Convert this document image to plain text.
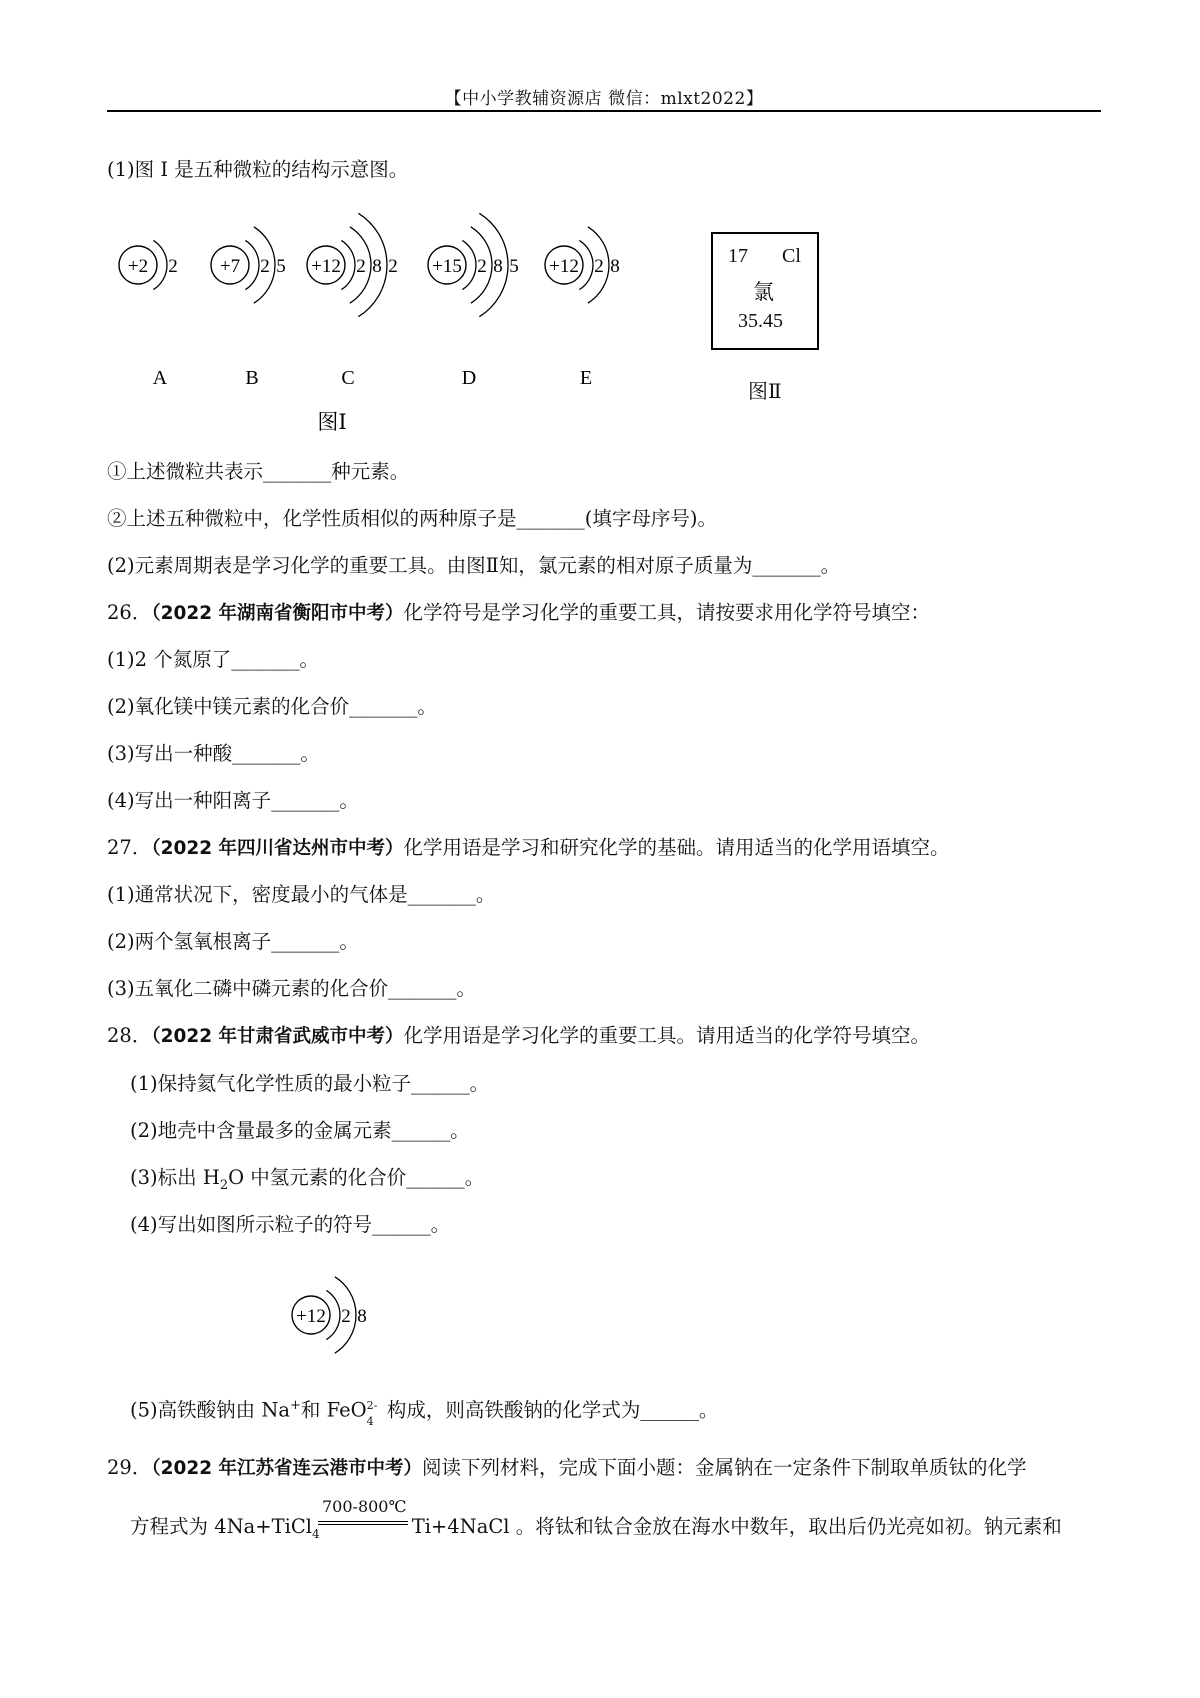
【中小学教辅资源店 微信：mlxt2022】
(1)图 I 是五种微粒的结构示意图。
+2 2
A
+7 2 5
B
+12 2 8 2
C
+15 2 8 5
D
+12 2 8
E
图Ⅰ
17 Cl
氯
35.45
图Ⅱ
①上述微粒共表示_______种元素。
②上述五种微粒中，化学性质相似的两种原子是_______(填字母序号)。
(2)元素周期表是学习化学的重要工具。由图Ⅱ知，氯元素的相对原子质量为_______。
26．（2022 年湖南省衡阳市中考）化学符号是学习化学的重要工具，请按要求用化学符号填空：
(1)2 个氮原了_______。
(2)氧化镁中镁元素的化合价_______。
(3)写出一种酸_______。
(4)写出一种阳离子_______。
27．（2022 年四川省达州市中考）化学用语是学习和研究化学的基础。请用适当的化学用语填空。
(1)通常状况下，密度最小的气体是_______。
(2)两个氢氧根离子_______。
(3)五氧化二磷中磷元素的化合价_______。
28．（2022 年甘肃省武威市中考）化学用语是学习化学的重要工具。请用适当的化学符号填空。
(1)保持氦气化学性质的最小粒子______。
(2)地壳中含量最多的金属元素______。
(3)标出 $H_2O$ 中氢元素的化合价______。
(4)写出如图所示粒子的符号______。
+12 2 8
(5)高铁酸钠由 Na+和 FeO 2-
4 构成，则高铁酸钠的化学式为______。
29．（2022 年江苏省连云港市中考）阅读下列材料，完成下面小题：金属钠在一定条件下制取单质钛的化学
方程式为 4Na+TiCl$_4$	Ti+4NaCl 。将钛和钛合金放在海水中数年，取出后仍光亮如初。钠元素和
700-800℃
